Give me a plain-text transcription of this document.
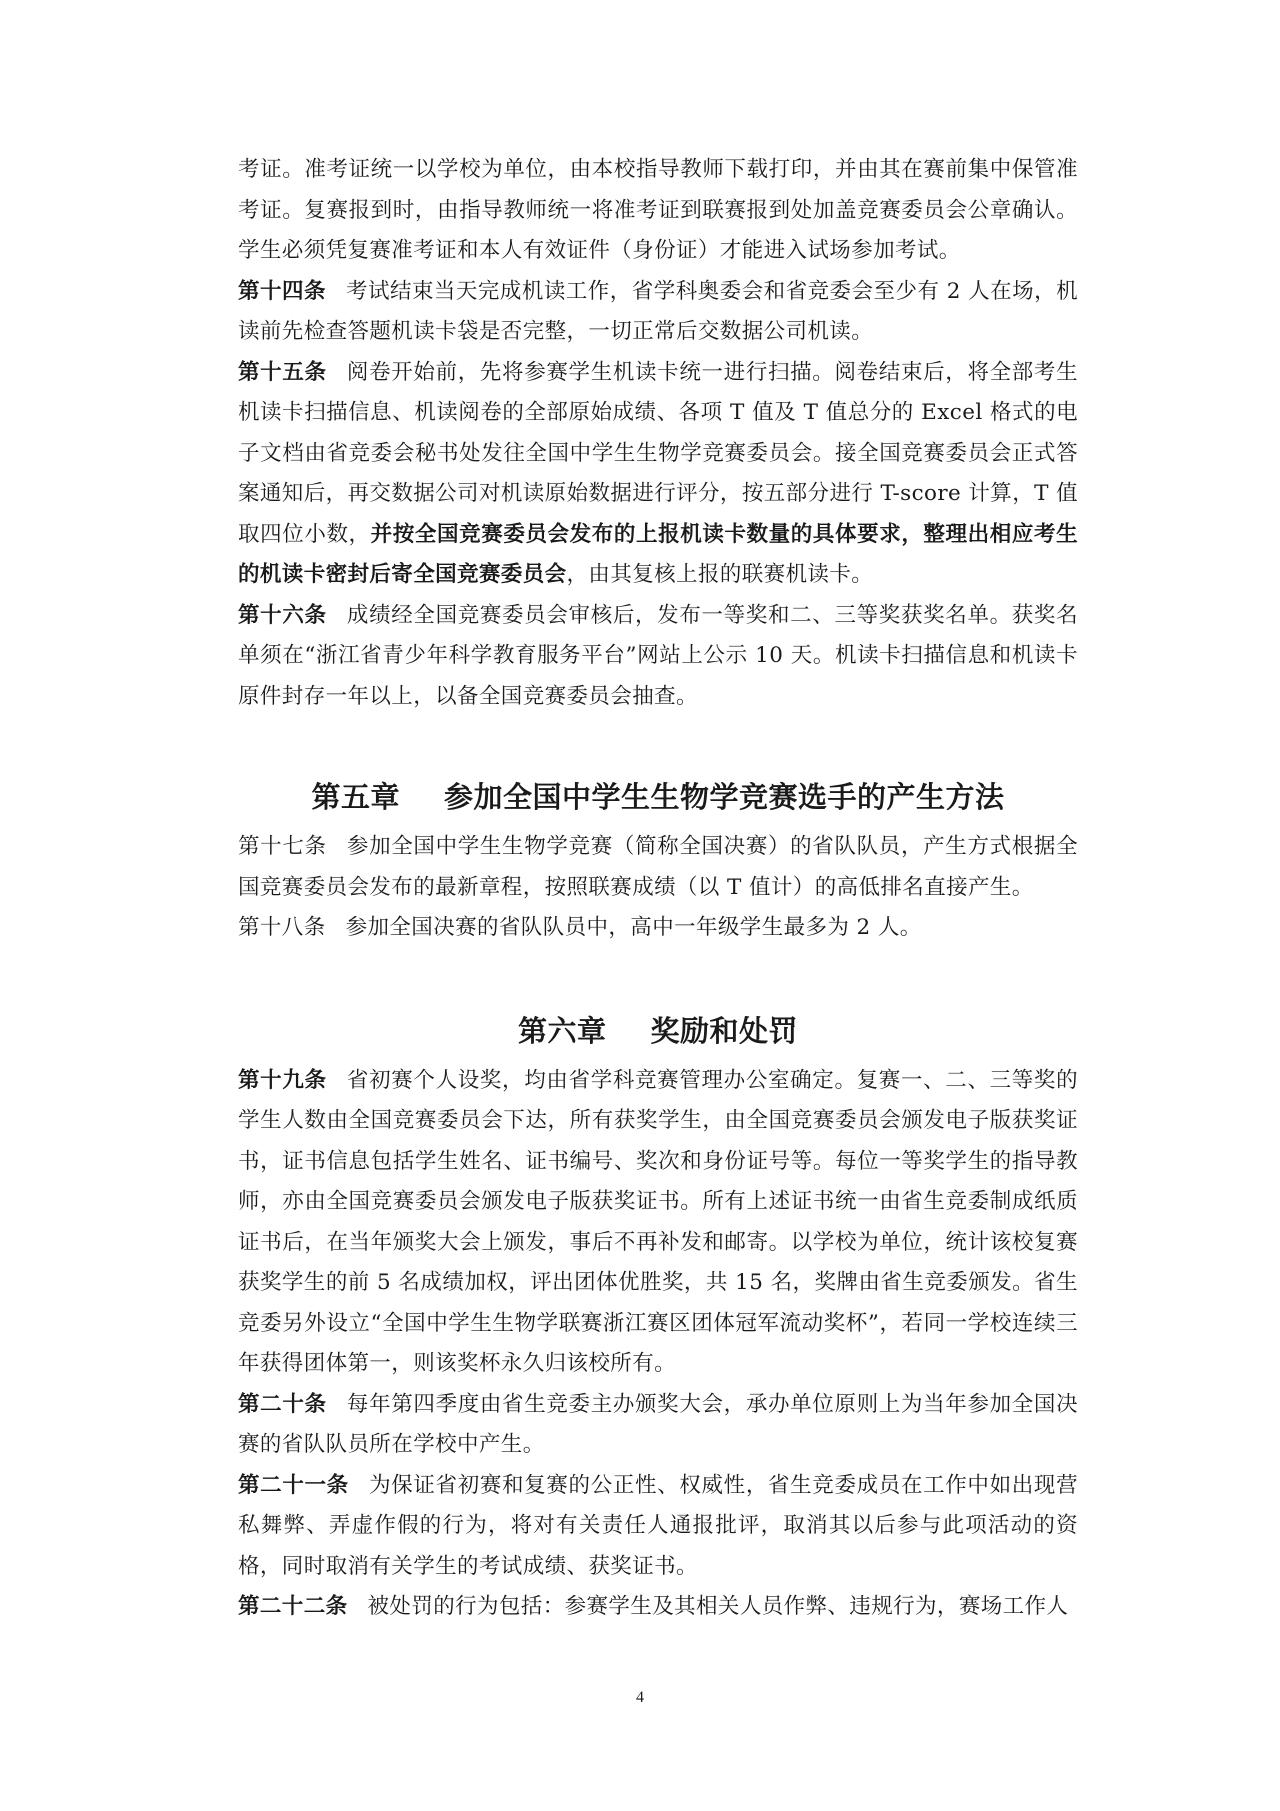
考证。准考证统一以学校为单位，由本校指导教师下载打印，并由其在赛前集中保管准考证。复赛报到时，由指导教师统一将准考证到联赛报到处加盖竞赛委员会公章确认。学生必须凭复赛准考证和本人有效证件（身份证）才能进入试场参加考试。

第十四条 考试结束当天完成机读工作，省学科奥委会和省竞委会至少有 2 人在场，机读前先检查答题机读卡袋是否完整，一切正常后交数据公司机读。

第十五条 阅卷开始前，先将参赛学生机读卡统一进行扫描。阅卷结束后，将全部考生机读卡扫描信息、机读阅卷的全部原始成绩、各项 T 值及 T 值总分的 Excel 格式的电子文档由省竞委会秘书处发往全国中学生生物学竞赛委员会。接全国竞赛委员会正式答案通知后，再交数据公司对机读原始数据进行评分，按五部分进行 T-score 计算，T 值取四位小数，并按全国竞赛委员会发布的上报机读卡数量的具体要求，整理出相应考生的机读卡密封后寄全国竞赛委员会，由其复核上报的联赛机读卡。

第十六条 成绩经全国竞赛委员会审核后，发布一等奖和二、三等奖获奖名单。获奖名单须在“浙江省青少年科学教育服务平台”网站上公示 10 天。机读卡扫描信息和机读卡原件封存一年以上，以备全国竞赛委员会抽查。

第五章 参加全国中学生生物学竞赛选手的产生方法

第十七条 参加全国中学生生物学竞赛（简称全国决赛）的省队队员，产生方式根据全国竞赛委员会发布的最新章程，按照联赛成绩（以 T 值计）的高低排名直接产生。

第十八条 参加全国决赛的省队队员中，高中一年级学生最多为 2 人。

第六章 奖励和处罚

第十九条 省初赛个人设奖，均由省学科竞赛管理办公室确定。复赛一、二、三等奖的学生人数由全国竞赛委员会下达，所有获奖学生，由全国竞赛委员会颁发电子版获奖证书，证书信息包括学生姓名、证书编号、奖次和身份证号等。每位一等奖学生的指导教师，亦由全国竞赛委员会颁发电子版获奖证书。所有上述证书统一由省生竞委制成纸质证书后，在当年颁奖大会上颁发，事后不再补发和邮寄。以学校为单位，统计该校复赛获奖学生的前 5 名成绩加权，评出团体优胜奖，共 15 名，奖牌由省生竞委颁发。省生竞委另外设立“全国中学生生物学联赛浙江赛区团体冠军流动奖杯”，若同一学校连续三年获得团体第一，则该奖杯永久归该校所有。

第二十条 每年第四季度由省生竞委主办颁奖大会，承办单位原则上为当年参加全国决赛的省队队员所在学校中产生。

第二十一条 为保证省初赛和复赛的公正性、权威性，省生竞委成员在工作中如出现营私舞弊、弄虚作假的行为，将对有关责任人通报批评，取消其以后参与此项活动的资格，同时取消有关学生的考试成绩、获奖证书。

第二十二条 被处罚的行为包括：参赛学生及其相关人员作弊、违规行为，赛场工作人

4
